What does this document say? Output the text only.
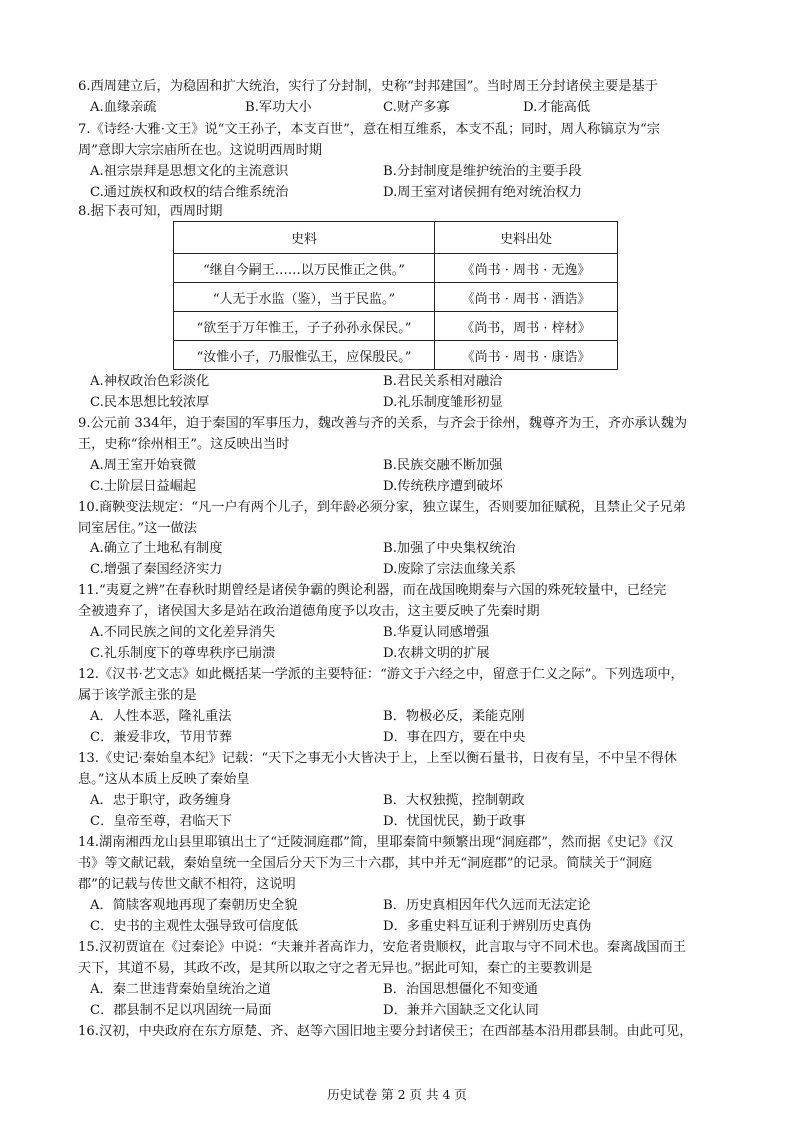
6.西周建立后，为稳固和扩大统治，实行了分封制，史称“封邦建国”。当时周王分封诸侯主要是基于
A.血缘亲疏	B.军功大小	C.财产多寡	D.才能高低
7.《诗经·大雅·文王》说“文王孙子，本支百世”，意在相互维系，本支不乱；同时，周人称镐京为“宗
周”意即大宗宗庙所在也。这说明西周时期
A.祖宗崇拜是思想文化的主流意识	B.分封制度是维护统治的主要手段
C.通过族权和政权的结合维系统治	D.周王室对诸侯拥有绝对统治权力
8.据下表可知，西周时期
史料	史料出处
“继自今嗣王……以万民惟正之供。”	《尚书 · 周书 · 无逸》
“人无于水监（鉴），当于民监。”	《尚书 · 周书 · 酒诰》
“欲至于万年惟王，子子孙孙永保民。”	《尚书，周书 · 梓材》
“汝惟小子，乃服惟弘王，应保殷民。”	《尚书 · 周书 · 康诰》
A.神权政治色彩淡化	B.君民关系相对融洽
C.民本思想比较浓厚	D.礼乐制度雏形初显
9.公元前 334年，迫于秦国的军事压力，魏改善与齐的关系，与齐会于徐州，魏尊齐为王，齐亦承认魏为
王，史称“徐州相王”。这反映出当时
A.周王室开始衰微	B.民族交融不断加强
C.士阶层日益崛起	D.传统秩序遭到破坏
10.商鞅变法规定：“凡一户有两个儿子，到年龄必须分家，独立谋生，否则要加征赋税，且禁止父子兄弟
同室居住。”这一做法
A.确立了土地私有制度	B.加强了中央集权统治
C.增强了秦国经济实力	D.废除了宗法血缘关系
11.“夷夏之辨”在春秋时期曾经是诸侯争霸的舆论利器，而在战国晚期秦与六国的殊死较量中，已经完
全被遗弃了，诸侯国大多是站在政治道德角度予以攻击，这主要反映了先秦时期
A.不同民族之间的文化差异消失	B.华夏认同感增强
C.礼乐制度下的尊卑秩序已崩溃	D.农耕文明的扩展
12.《汉书·艺文志》如此概括某一学派的主要特征：“游文于六经之中，留意于仁义之际”。下列选项中，
属于该学派主张的是
A．人性本恶，隆礼重法	B．物极必反，柔能克刚
C．兼爱非攻，节用节葬	D．事在四方，要在中央
13.《史记·秦始皇本纪》记载：“天下之事无小大皆决于上，上至以衡石量书，日夜有呈，不中呈不得休
息。”这从本质上反映了秦始皇
A．忠于职守，政务缠身	B．大权独揽，控制朝政
C．皇帝至尊，君临天下	D．忧国忧民，勤于政事
14.湖南湘西龙山县里耶镇出土了“迁陵洞庭郡”简，里耶秦简中频繁出现“洞庭郡”，然而据《史记》《汉
书》等文献记载，秦始皇统一全国后分天下为三十六郡，其中并无“洞庭郡”的记录。简牍关于“洞庭
郡”的记载与传世文献不相符，这说明
A．简牍客观地再现了秦朝历史全貌	B．历史真相因年代久远而无法定论
C．史书的主观性太强导致可信度低	D．多重史料互证利于辨别历史真伪
15.汉初贾谊在《过秦论》中说：“夫兼并者高诈力，安危者贵顺权，此言取与守不同术也。秦离战国而王
天下，其道不易，其政不改，是其所以取之守之者无异也。”据此可知，秦亡的主要教训是
A．秦二世违背秦始皇统治之道	B．治国思想僵化不知变通
C．郡县制不足以巩固统一局面	D．兼并六国缺乏文化认同
16.汉初，中央政府在东方原楚、齐、赵等六国旧地主要分封诸侯王；在西部基本沿用郡县制。由此可见，
历史试卷 第 2 页 共 4 页
